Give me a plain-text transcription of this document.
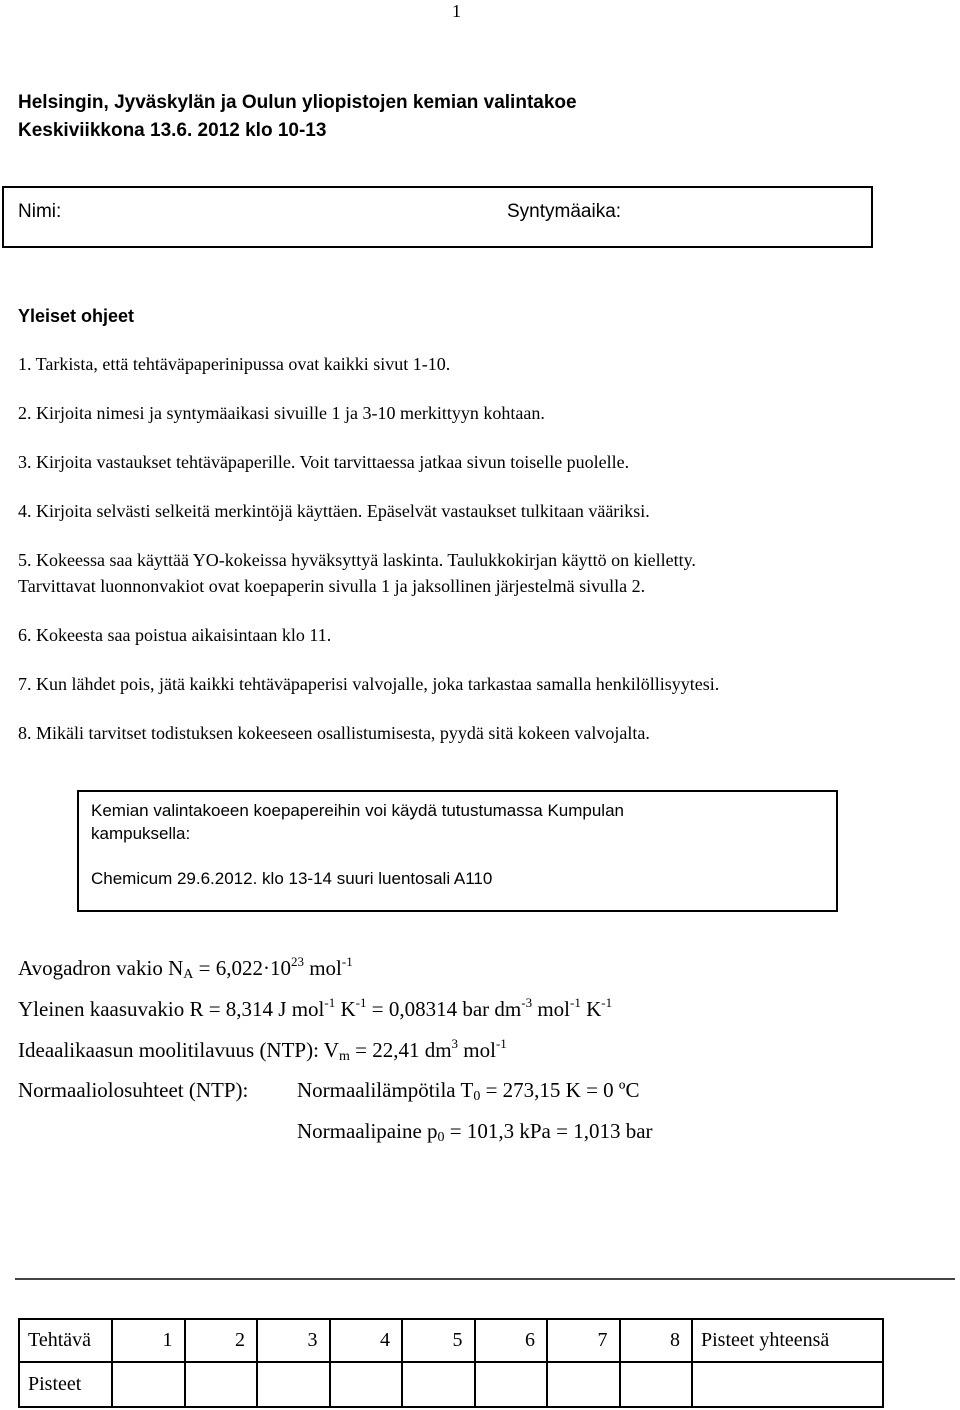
1
Helsingin, Jyväskylän ja Oulun yliopistojen kemian valintakoe
Keskiviikkona 13.6. 2012 klo 10-13
Nimi:	Syntymäaika:
Yleiset ohjeet
1. Tarkista, että tehtäväpaperinipussa ovat kaikki sivut 1-10.
2. Kirjoita nimesi ja syntymäaikasi sivuille 1 ja 3-10 merkittyyn kohtaan.
3. Kirjoita vastaukset tehtäväpaperille. Voit tarvittaessa jatkaa sivun toiselle puolelle.
4. Kirjoita selvästi selkeitä merkintöjä käyttäen. Epäselvät vastaukset tulkitaan vääriksi.
5. Kokeessa saa käyttää YO-kokeissa hyväksyttyä laskinta. Taulukkokirjan käyttö on kielletty.
Tarvittavat luonnonvakiot ovat koepaperin sivulla 1 ja jaksollinen järjestelmä sivulla 2.
6. Kokeesta saa poistua aikaisintaan klo 11.
7. Kun lähdet pois, jätä kaikki tehtäväpaperisi valvojalle, joka tarkastaa samalla henkilöllisyytesi.
8. Mikäli tarvitset todistuksen kokeeseen osallistumisesta, pyydä sitä kokeen valvojalta.
Kemian valintakoeen koepapereihin voi käydä tutustumassa Kumpulan
kampuksella:
Chemicum 29.6.2012. klo 13-14 suuri luentosali A110
Avogadron vakio $N_A = 6,022\cdot 10^{23}$ mol$^{-1}$
Yleinen kaasuvakio R = 8,314 J mol$^{-1}$ $K^{-1} = 0,08314$ bar $dm^{-3}$ mol$^{-1}$ $K^{-1}$
Ideaalikaasun moolitilavuus (NTP): $V_m = 22,41$ $dm^3$ mol$^{-1}$
Normaaliolosuhteet (NTP): Normaalilämpötila $T_0 = 273,15$ K = 0 ºC
Normaalipaine $p_0 = 101,3$ kPa = 1,013 bar
Tehtävä	1	2	3	4	5	6	7	8	Pisteet yhteensä
Pisteet
